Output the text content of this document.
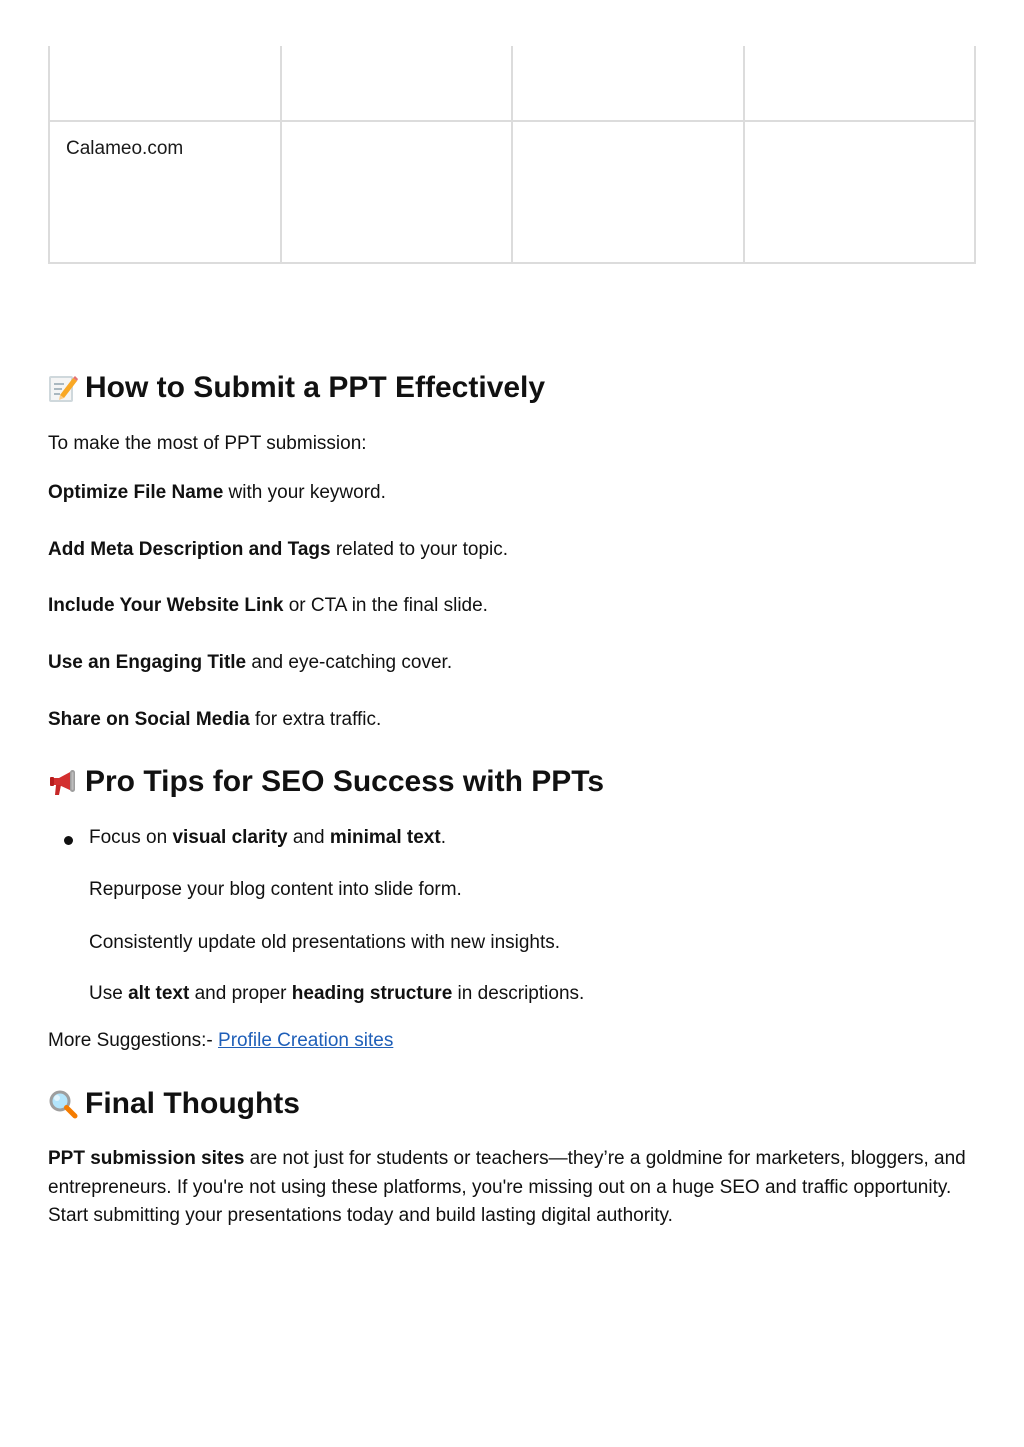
Calameo.com			
How to Submit a PPT Effectively

To make the most of PPT submission:

Optimize File Name with your keyword.

Add Meta Description and Tags related to your topic.

Include Your Website Link or CTA in the final slide.

Use an Engaging Title and eye-catching cover.

Share on Social Media for extra traffic.

Pro Tips for SEO Success with PPTs

Focus on visual clarity and minimal text.

Repurpose your blog content into slide form.

Consistently update old presentations with new insights.

Use alt text and proper heading structure in descriptions.

More Suggestions:- Profile Creation sites

Final Thoughts

PPT submission sites are not just for students or teachers—they’re a goldmine for marketers, bloggers, and entrepreneurs. If you're not using these platforms, you're missing out on a huge SEO and traffic opportunity. Start submitting your presentations today and build lasting digital authority.
